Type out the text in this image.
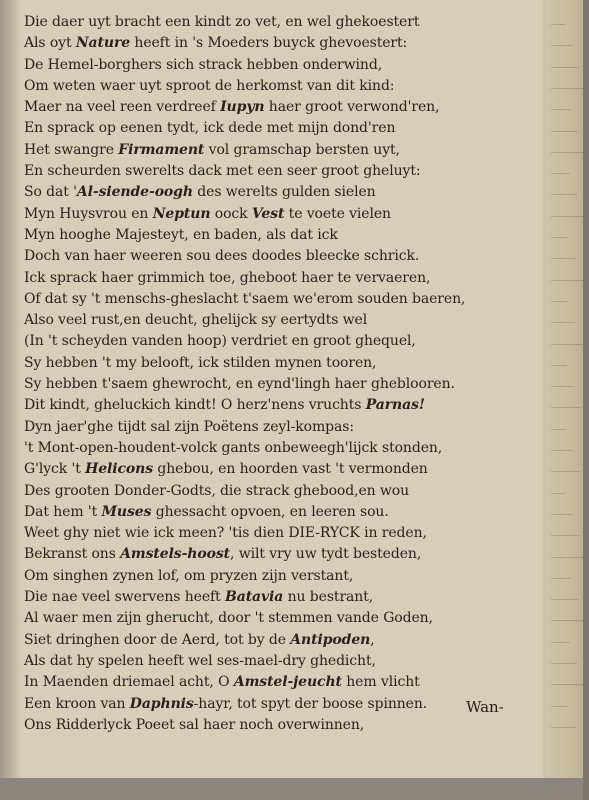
Die daer uyt bracht een kindt zo vet, en wel ghekoestert
Als oyt Nature heeft in 's Moeders buyck ghevoestert:
De Hemel-borghers sich strack hebben onderwind,
Om weten waer uyt sproot de herkomst van dit kind:
Maer na veel reen verdreef Iupyn haer groot verwond'ren,
En sprack op eenen tydt, ick dede met mijn dond'ren
Het swangre Firmament vol gramschap bersten uyt,
En scheurden swerelts dack met een seer groot gheluyt:
So dat 'Al-siende-oogh des werelts gulden sielen
Myn Huysvrou en Neptun oock Vest te voete vielen
Myn hooghe Majesteyt, en baden, als dat ick
Doch van haer weeren sou dees doodes bleecke schrick.
Ick sprack haer grimmich toe, gheboot haer te vervaeren,
Of dat sy 't menschs-gheslacht t'saem we'erom souden baeren,
Also veel rust,en deucht, ghelijck sy eertydts wel
(In 't scheyden vanden hoop) verdriet en groot ghequel,
Sy hebben 't my belooft, ick stilden mynen tooren,
Sy hebben t'saem ghewrocht, en eynd'lingh haer gheblooren.
Dit kindt, gheluckich kindt! O herz'nens vruchts Parnas!
Dyn jaer'ghe tijdt sal zijn Poëtens zeyl-kompas:
't Mont-open-houdent-volck gants onbeweegh'lijck stonden,
G'lyck 't Helicons ghebou, en hoorden vast 't vermonden
Des grooten Donder-Godts, die strack ghebood,en wou
Dat hem 't Muses ghessacht opvoen, en leeren sou.
Weet ghy niet wie ick meen? 'tis dien DIE-RYCK in reden,
Bekranst ons Amstels-hoost, wilt vry uw tydt besteden,
Om singhen zynen lof, om pryzen zijn verstant,
Die nae veel swervens heeft Batavia nu bestrant,
Al waer men zijn gherucht, door 't stemmen vande Goden,
Siet dringhen door de Aerd, tot by de Antipoden,
Als dat hy spelen heeft wel ses-mael-dry ghedicht,
In Maenden driemael acht, O Amstel-jeucht hem vlicht
Een kroon van Daphnis-hayr, tot spyt der boose spinnen.
Ons Ridderlyck Poeet sal haer noch overwinnen,
Wan-
